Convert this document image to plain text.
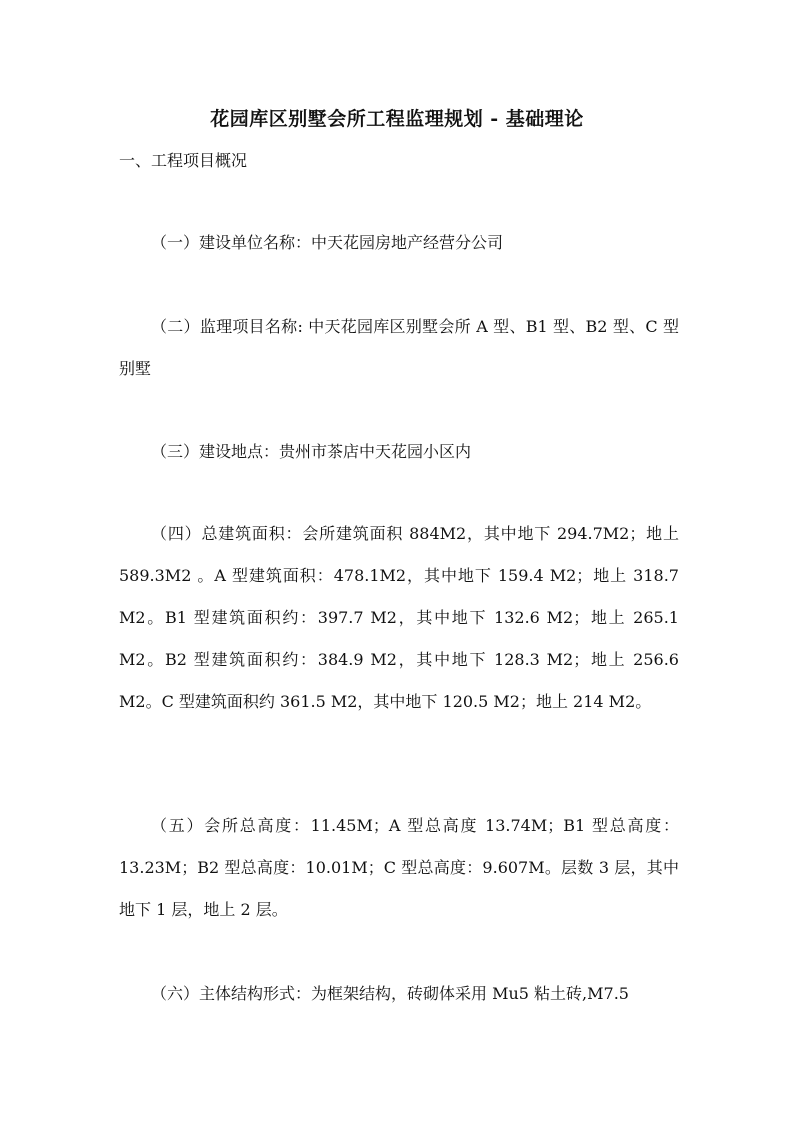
花园库区别墅会所工程监理规划 - 基础理论
一、工程项目概况
（一）建设单位名称：中天花园房地产经营分公司
（二）监理项目名称: 中天花园库区别墅会所 A 型、B1 型、B2 型、C 型别墅
（三）建设地点：贵州市茶店中天花园小区内
（四）总建筑面积：会所建筑面积 884M2，其中地下 294.7M2；地上 589.3M2 。A 型建筑面积：478.1M2，其中地下 159.4 M2；地上 318.7 M2。B1 型建筑面积约：397.7 M2，其中地下 132.6 M2；地上 265.1 M2。B2 型建筑面积约：384.9 M2，其中地下 128.3 M2；地上 256.6 M2。C 型建筑面积约 361.5 M2，其中地下 120.5 M2；地上 214 M2。
（五）会所总高度：11.45M；A 型总高度 13.74M；B1 型总高度：13.23M；B2 型总高度：10.01M；C 型总高度：9.607M。层数 3 层，其中地下 1 层，地上 2 层。
（六）主体结构形式：为框架结构，砖砌体采用 Mu5 粘土砖,M7.5
